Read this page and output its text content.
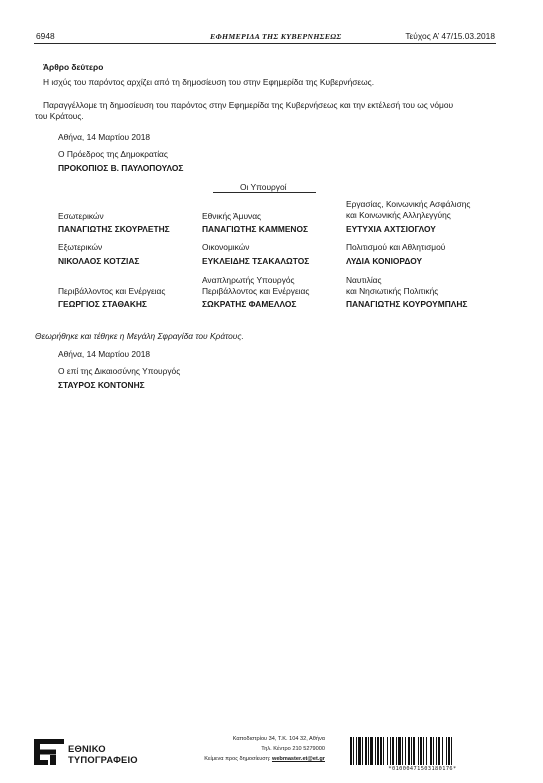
6948	ΕΦΗΜΕΡΙΔΑ ΤΗΣ ΚΥΒΕΡΝΗΣΕΩΣ	Τεύχος Α’ 47/15.03.2018
Άρθρο δεύτερο
Η ισχύς του παρόντος αρχίζει από τη δημοσίευση του στην Εφημερίδα της Κυβερνήσεως.
Παραγγέλλομε τη δημοσίευση του παρόντος στην Εφημερίδα της Κυβερνήσεως και την εκτέλεσή του ως νόμου
του Κράτους.
Αθήνα, 14 Μαρτίου 2018
Ο Πρόεδρος της Δημοκρατίας
ΠΡΟΚΟΠΙΟΣ Β. ΠΑΥΛΟΠΟΥΛΟΣ
Οι Υπουργοί
Εσωτερικών
ΠΑΝΑΓΙΩΤΗΣ ΣΚΟΥΡΛΕΤΗΣ
Εθνικής Άμυνας
ΠΑΝΑΓΙΩΤΗΣ ΚΑΜΜΕΝΟΣ
Εργασίας, Κοινωνικής Ασφάλισης
και Κοινωνικής Αλληλεγγύης
ΕΥΤΥΧΙΑ ΑΧΤΣΙΟΓΛΟΥ
Εξωτερικών
ΝΙΚΟΛΑΟΣ ΚΟΤΖΙΑΣ
Οικονομικών
ΕΥΚΛΕΙΔΗΣ ΤΣΑΚΑΛΩΤΟΣ
Πολιτισμού και Αθλητισμού
ΛΥΔΙΑ ΚΟΝΙΟΡΔΟΥ
Περιβάλλοντος και Ενέργειας
ΓΕΩΡΓΙΟΣ ΣΤΑΘΑΚΗΣ
Αναπληρωτής Υπουργός
Περιβάλλοντος και Ενέργειας
ΣΩΚΡΑΤΗΣ ΦΑΜΕΛΛΟΣ
Ναυτιλίας
και Νησιωτικής Πολιτικής
ΠΑΝΑΓΙΩΤΗΣ ΚΟΥΡΟΥΜΠΛΗΣ
Θεωρήθηκε και τέθηκε η Μεγάλη Σφραγίδα του Κράτους.
Αθήνα, 14 Μαρτίου 2018
Ο επί της Δικαιοσύνης Υπουργός
ΣΤΑΥΡΟΣ ΚΟΝΤΟΝΗΣ
ΕΘΝΙΚΟ
ΤΥΠΟΓΡΑΦΕΙΟ
Καποδιστρίου 34, Τ.Κ. 104 32, Αθήνα
Τηλ. Κέντρο 210 5279000
Κείμενα προς δημοσίευση: webmaster.et@et.gr
*01000471503180176*
